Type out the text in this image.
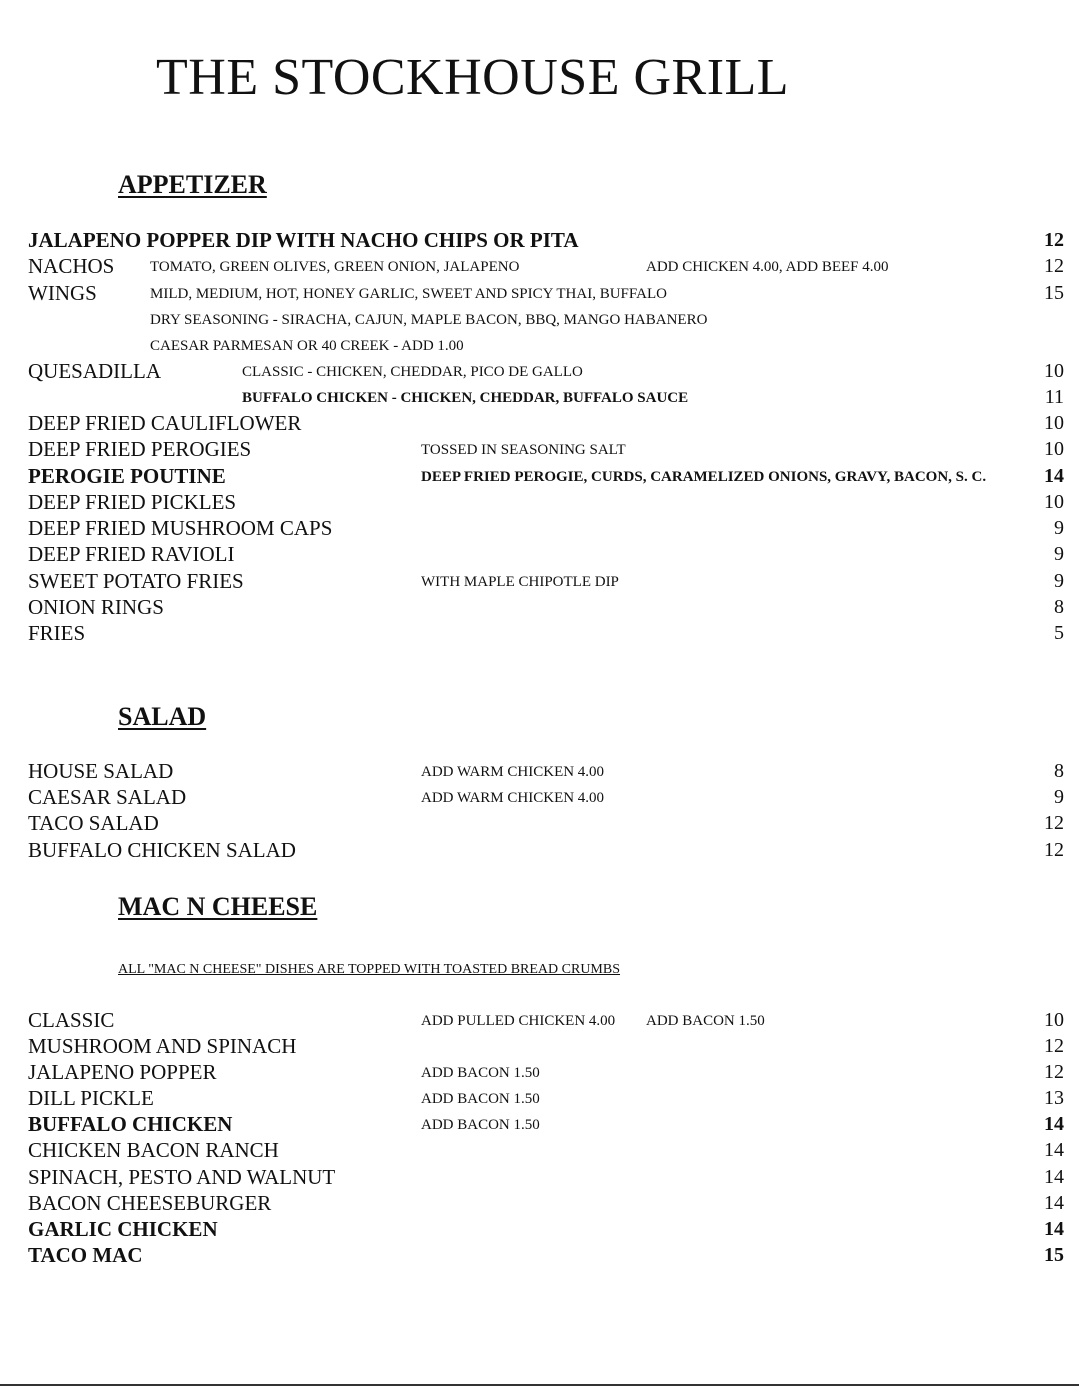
THE STOCKHOUSE GRILL
APPETIZER
JALAPENO POPPER DIP WITH NACHO CHIPS OR PITA	12
NACHOS TOMATO, GREEN OLIVES, GREEN ONION, JALAPENO	ADD CHICKEN 4.00, ADD BEEF 4.00	12
WINGS	MILD, MEDIUM, HOT, HONEY GARLIC, SWEET AND SPICY THAI, BUFFALO	15
DRY SEASONING - SIRACHA, CAJUN, MAPLE BACON, BBQ, MANGO HABANERO
CAESAR PARMESAN OR 40 CREEK - ADD 1.00
QUESADILLA	CLASSIC - CHICKEN, CHEDDAR, PICO DE GALLO	10
BUFFALO CHICKEN - CHICKEN, CHEDDAR, BUFFALO SAUCE	11
DEEP FRIED CAULIFLOWER	10
DEEP FRIED PEROGIES	TOSSED IN SEASONING SALT	10
PEROGIE POUTINE	DEEP FRIED PEROGIE, CURDS, CARAMELIZED ONIONS, GRAVY, BACON, S. C.	14
DEEP FRIED PICKLES	10
DEEP FRIED MUSHROOM CAPS	9
DEEP FRIED RAVIOLI	9
SWEET POTATO FRIES	WITH MAPLE CHIPOTLE DIP	9
ONION RINGS	8
FRIES	5
SALAD
HOUSE SALAD	ADD WARM CHICKEN 4.00	8
CAESAR SALAD	ADD WARM CHICKEN 4.00	9
TACO SALAD	12
BUFFALO CHICKEN SALAD	12
MAC N CHEESE
ALL "MAC N CHEESE" DISHES ARE TOPPED WITH TOASTED BREAD CRUMBS
CLASSIC	ADD PULLED CHICKEN 4.00 ADD BACON 1.50	10
MUSHROOM AND SPINACH	12
JALAPENO POPPER	ADD BACON 1.50	12
DILL PICKLE	ADD BACON 1.50	13
BUFFALO CHICKEN	ADD BACON 1.50	14
CHICKEN BACON RANCH	14
SPINACH, PESTO AND WALNUT	14
BACON CHEESEBURGER	14
GARLIC CHICKEN	14
TACO MAC	15
